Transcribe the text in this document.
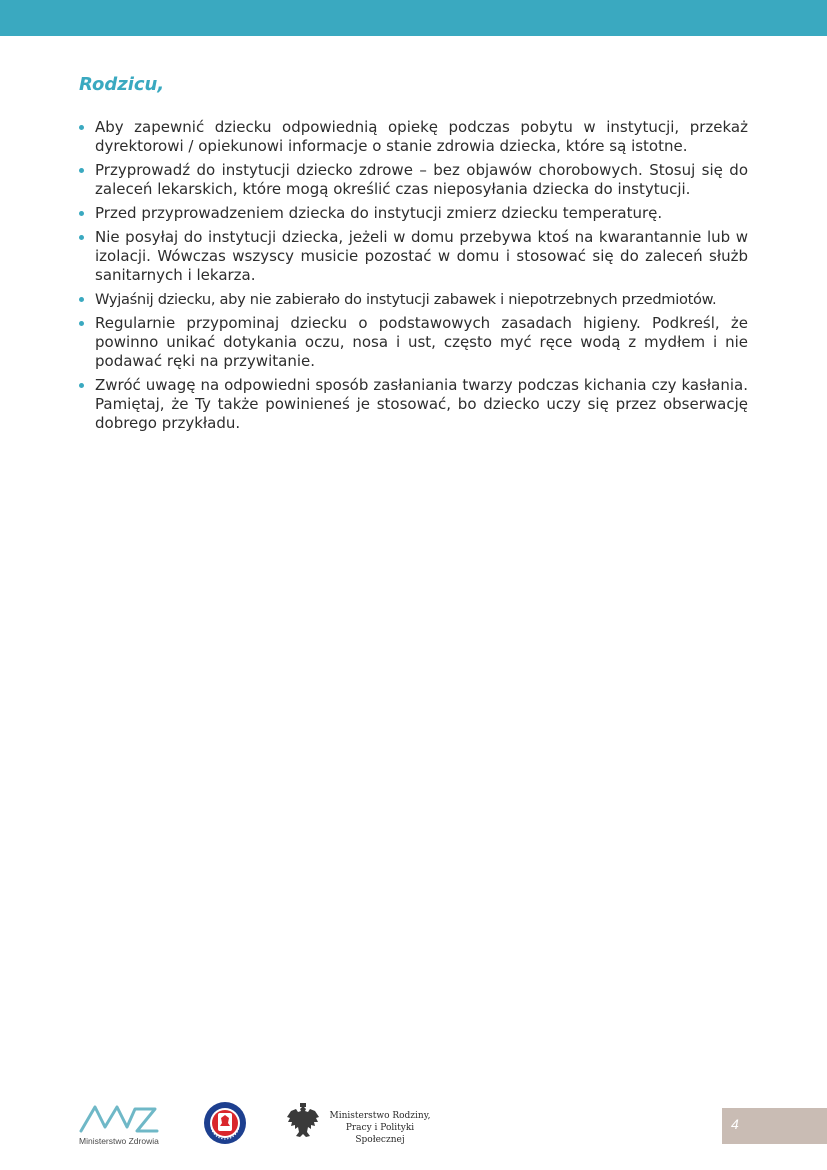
Rodzicu,
Aby zapewnić dziecku odpowiednią opiekę podczas pobytu w instytucji, przekaż dyrektorowi / opiekunowi informacje o stanie zdrowia dziecka, które są istotne.
Przyprowadź do instytucji dziecko zdrowe – bez objawów chorobowych. Stosuj się do zaleceń lekarskich, które mogą określić czas nieposyłania dziecka do instytucji.
Przed przyprowadzeniem dziecka do instytucji zmierz dziecku temperaturę.
Nie posyłaj do instytucji dziecka, jeżeli w domu przebywa ktoś na kwarantannie lub w izolacji. Wówczas wszyscy musicie pozostać w domu i stosować się do zaleceń służb sanitarnych i lekarza.
Wyjaśnij dziecku, aby nie zabierało do instytucji zabawek i niepotrzebnych przedmiotów.
Regularnie przypominaj dziecku o podstawowych zasadach higieny. Podkreśl, że powinno unikać dotykania oczu, nosa i ust, często myć ręce wodą z mydłem i nie podawać ręki na przywitanie.
Zwróć uwagę na odpowiedni sposób zasłaniania twarzy podczas kichania czy kasłania. Pamiętaj, że Ty także powinieneś je stosować, bo dziecko uczy się przez obserwację dobrego przykładu.
Ministerstwo Zdrowia
Ministerstwo Rodziny,
Pracy i Polityki Społecznej
4
